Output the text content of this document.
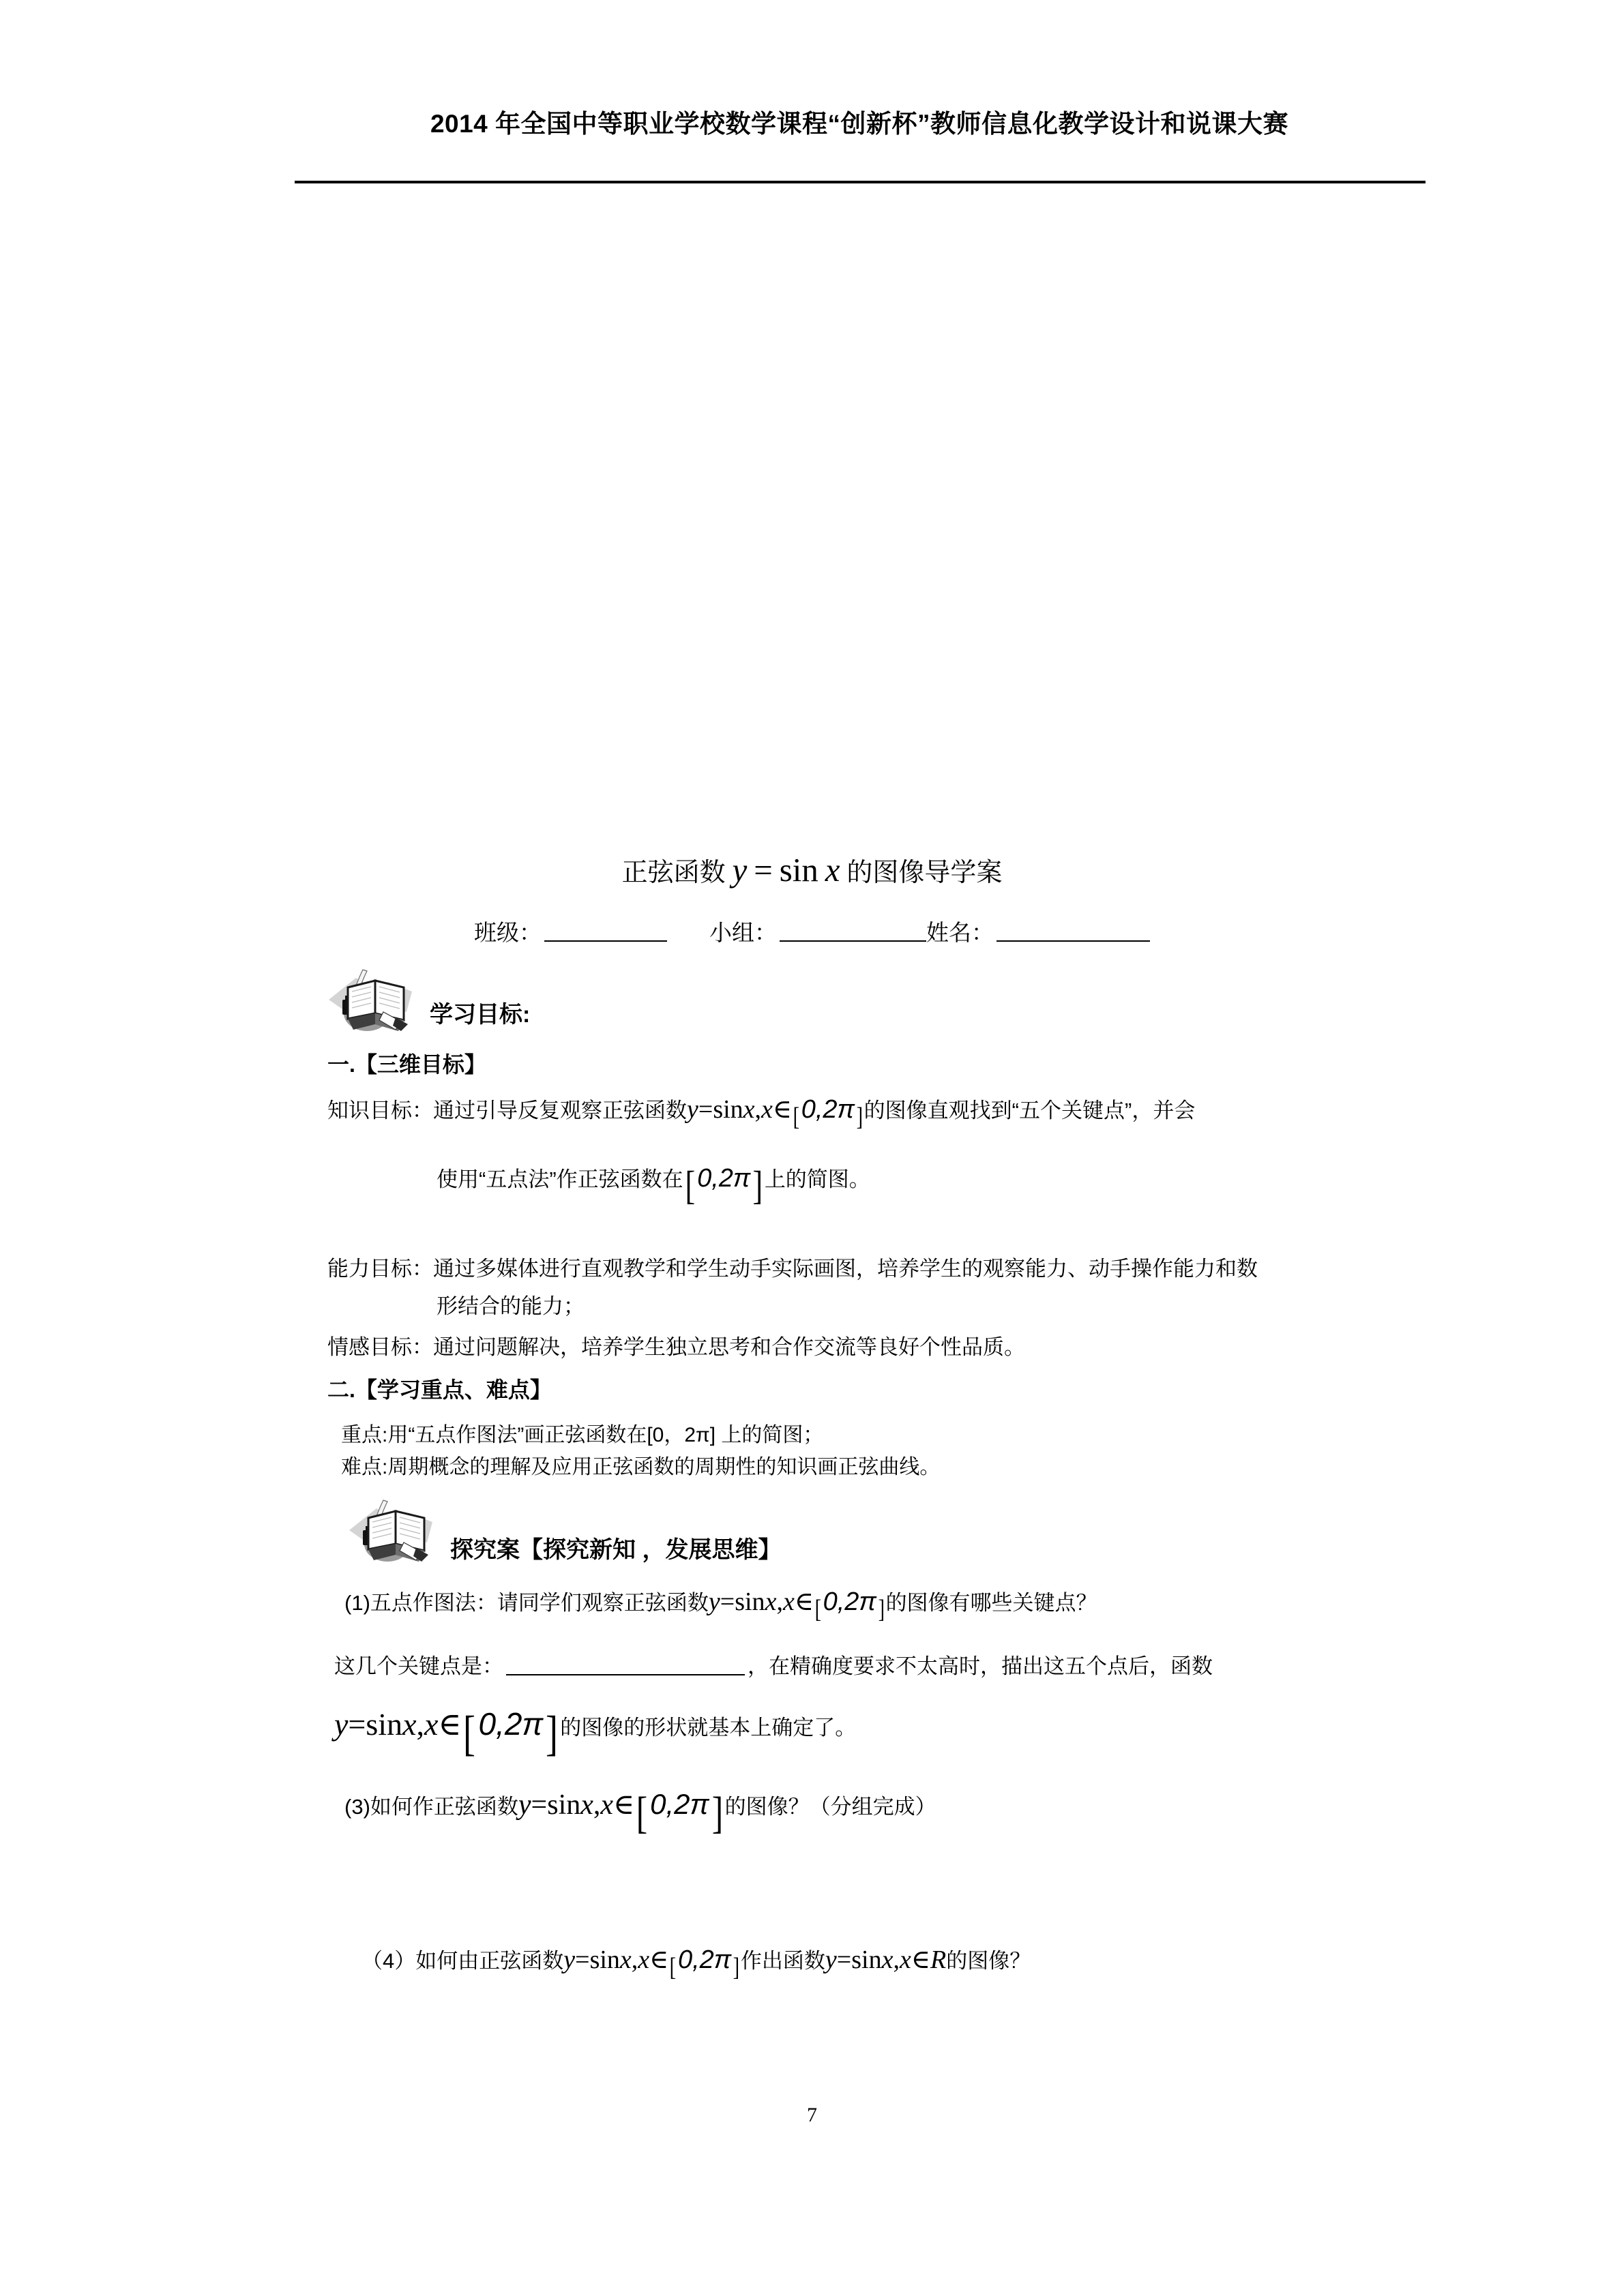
2014 年全国中等职业学校数学课程“创新杯”教师信息化教学设计和说课大赛
正弦函数 y = sin x 的图像导学案
班级：	小组：	姓名：
学习目标:
一.【三维目标】
知识目标：通过引导反复观察正弦函数y=sinx,x∈[0,2π]的图像直观找到“五个关键点”，并会
使用“五点法”作正弦函数在[0,2π]上的简图。
能力目标：通过多媒体进行直观教学和学生动手实际画图，培养学生的观察能力、动手操作能力和数
形结合的能力；
情感目标：通过问题解决，培养学生独立思考和合作交流等良好个性品质。
二.【学习重点、难点】
重点:用“五点作图法”画正弦函数在[0，2π] 上的简图；
难点:周期概念的理解及应用正弦函数的周期性的知识画正弦曲线。
探究案【探究新知 ，发展思维】
(1)五点作图法：请同学们观察正弦函数y=sinx,x∈[0,2π]的图像有哪些关键点？
这几个关键点是：	，在精确度要求不太高时，描出这五个点后，函数
y=sinx,x∈[0,2π]的图像的形状就基本上确定了。
(3)如何作正弦函数y=sinx,x∈[0,2π]的图像？（分组完成）
（4）如何由正弦函数y=sinx,x∈[0,2π]作出函数y=sinx,x∈R的图像？
7
